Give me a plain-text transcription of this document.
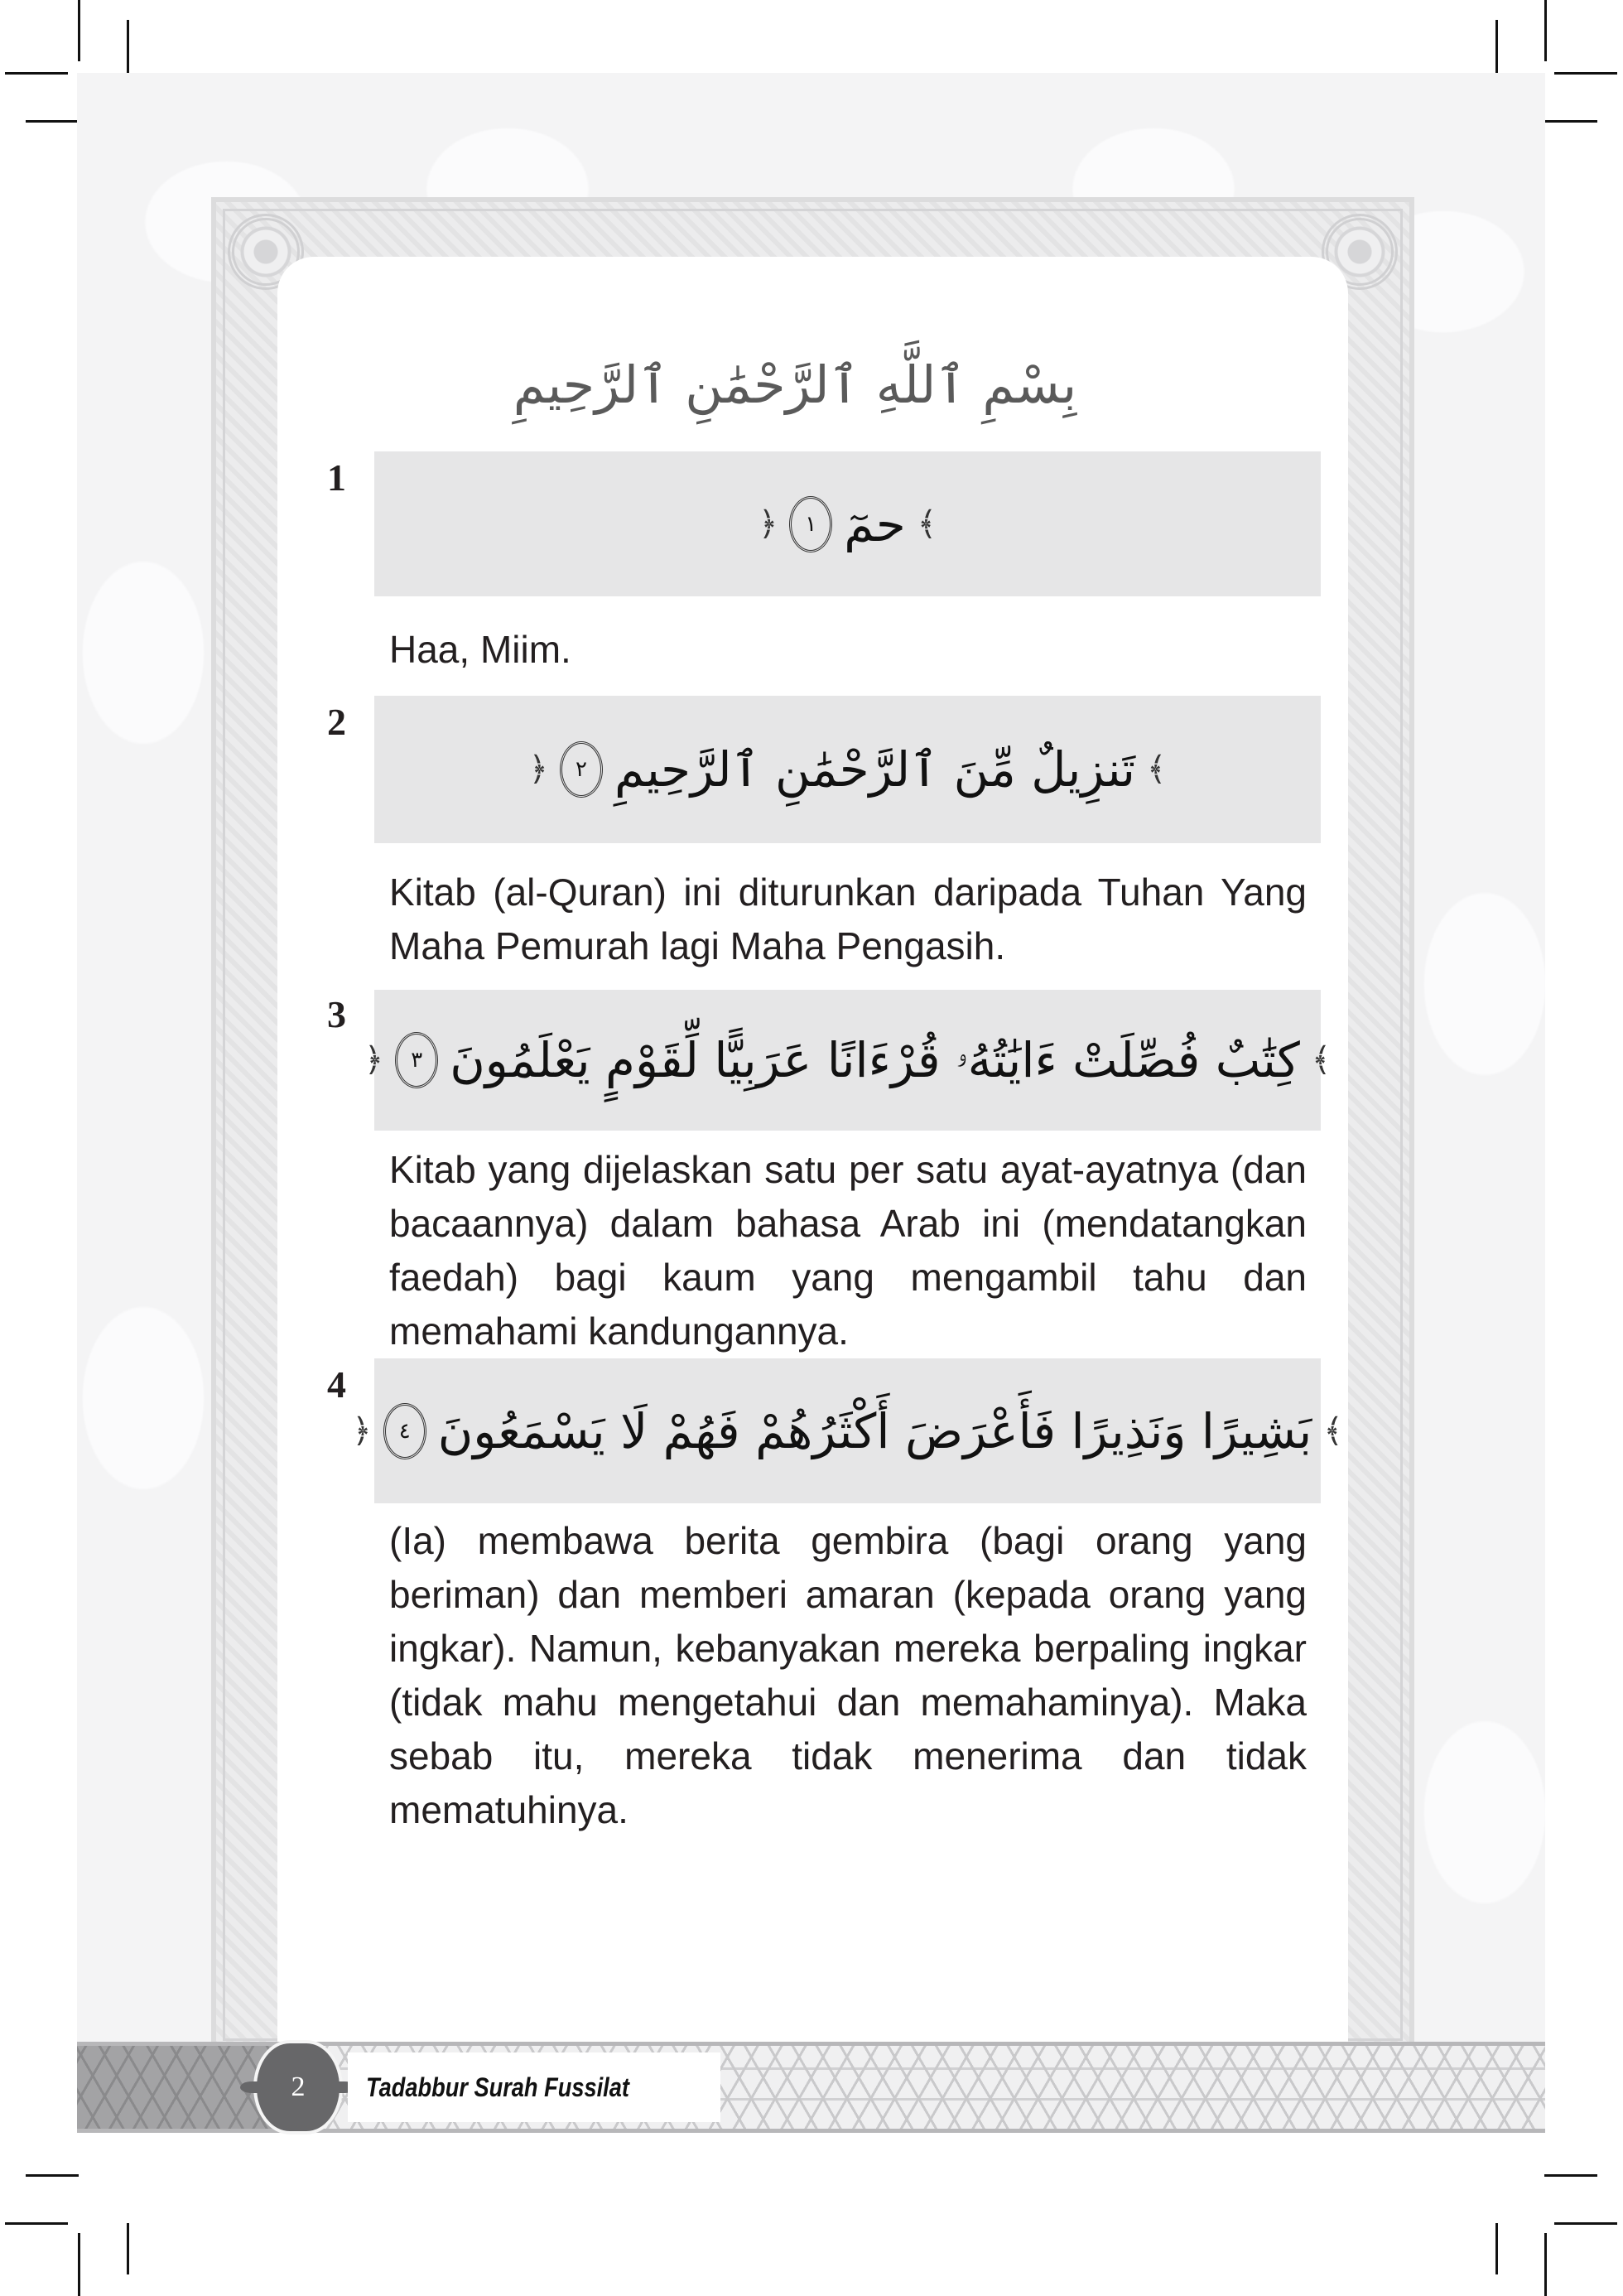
بِسْمِ ٱللَّهِ ٱلرَّحْمَٰنِ ٱلرَّحِيمِ
1
﴾
حمٓ
١
﴿
Haa, Miim.
2
﴾
تَنزِيلٌ مِّنَ ٱلرَّحْمَٰنِ ٱلرَّحِيمِ
٢
﴿
Kitab (al-Quran) ini diturunkan daripada Tuhan Yang Maha Pemurah lagi Maha Pengasih.
3
﴾
كِتَٰبٌ فُصِّلَتْ ءَايَٰتُهُۥ قُرْءَانًا عَرَبِيًّا لِّقَوْمٍ يَعْلَمُونَ
٣
﴿
Kitab yang dijelaskan satu per satu ayat-ayatnya (dan bacaannya) dalam bahasa Arab ini (mendatangkan faedah) bagi kaum yang mengambil tahu dan memahami kandungannya.
4
﴾
بَشِيرًا وَنَذِيرًا فَأَعْرَضَ أَكْثَرُهُمْ فَهُمْ لَا يَسْمَعُونَ
٤
﴿
(Ia) membawa berita gembira (bagi orang yang beriman) dan memberi amaran (kepada orang yang ingkar). Namun, kebanyakan mereka berpaling ingkar (tidak mahu mengetahui dan memahaminya). Maka sebab itu, mereka tidak menerima dan tidak mematuhinya.
2 Tadabbur Surah Fussilat
